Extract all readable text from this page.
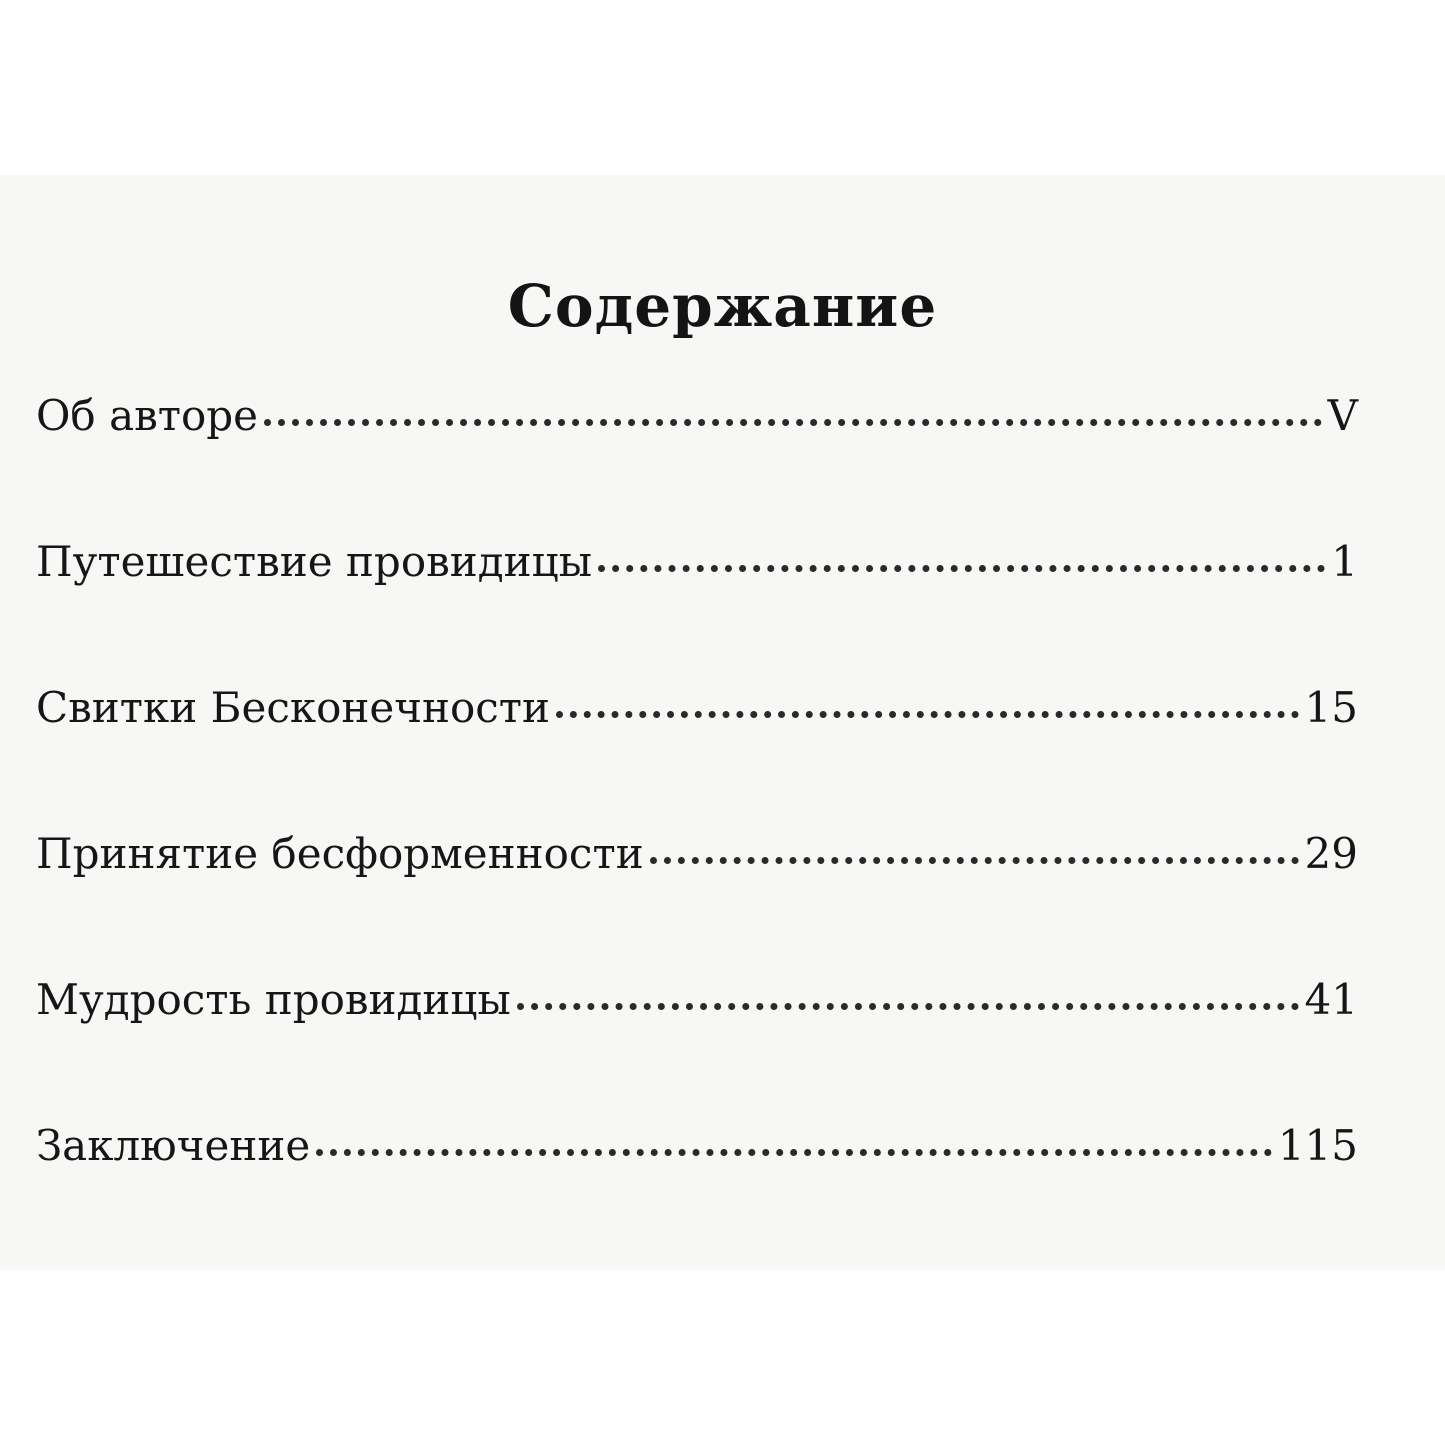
Содержание
Об авторе	V
Путешествие провидицы	1
Свитки Бесконечности	15
Принятие бесформенности	29
Мудрость провидицы	41
Заключение	115
